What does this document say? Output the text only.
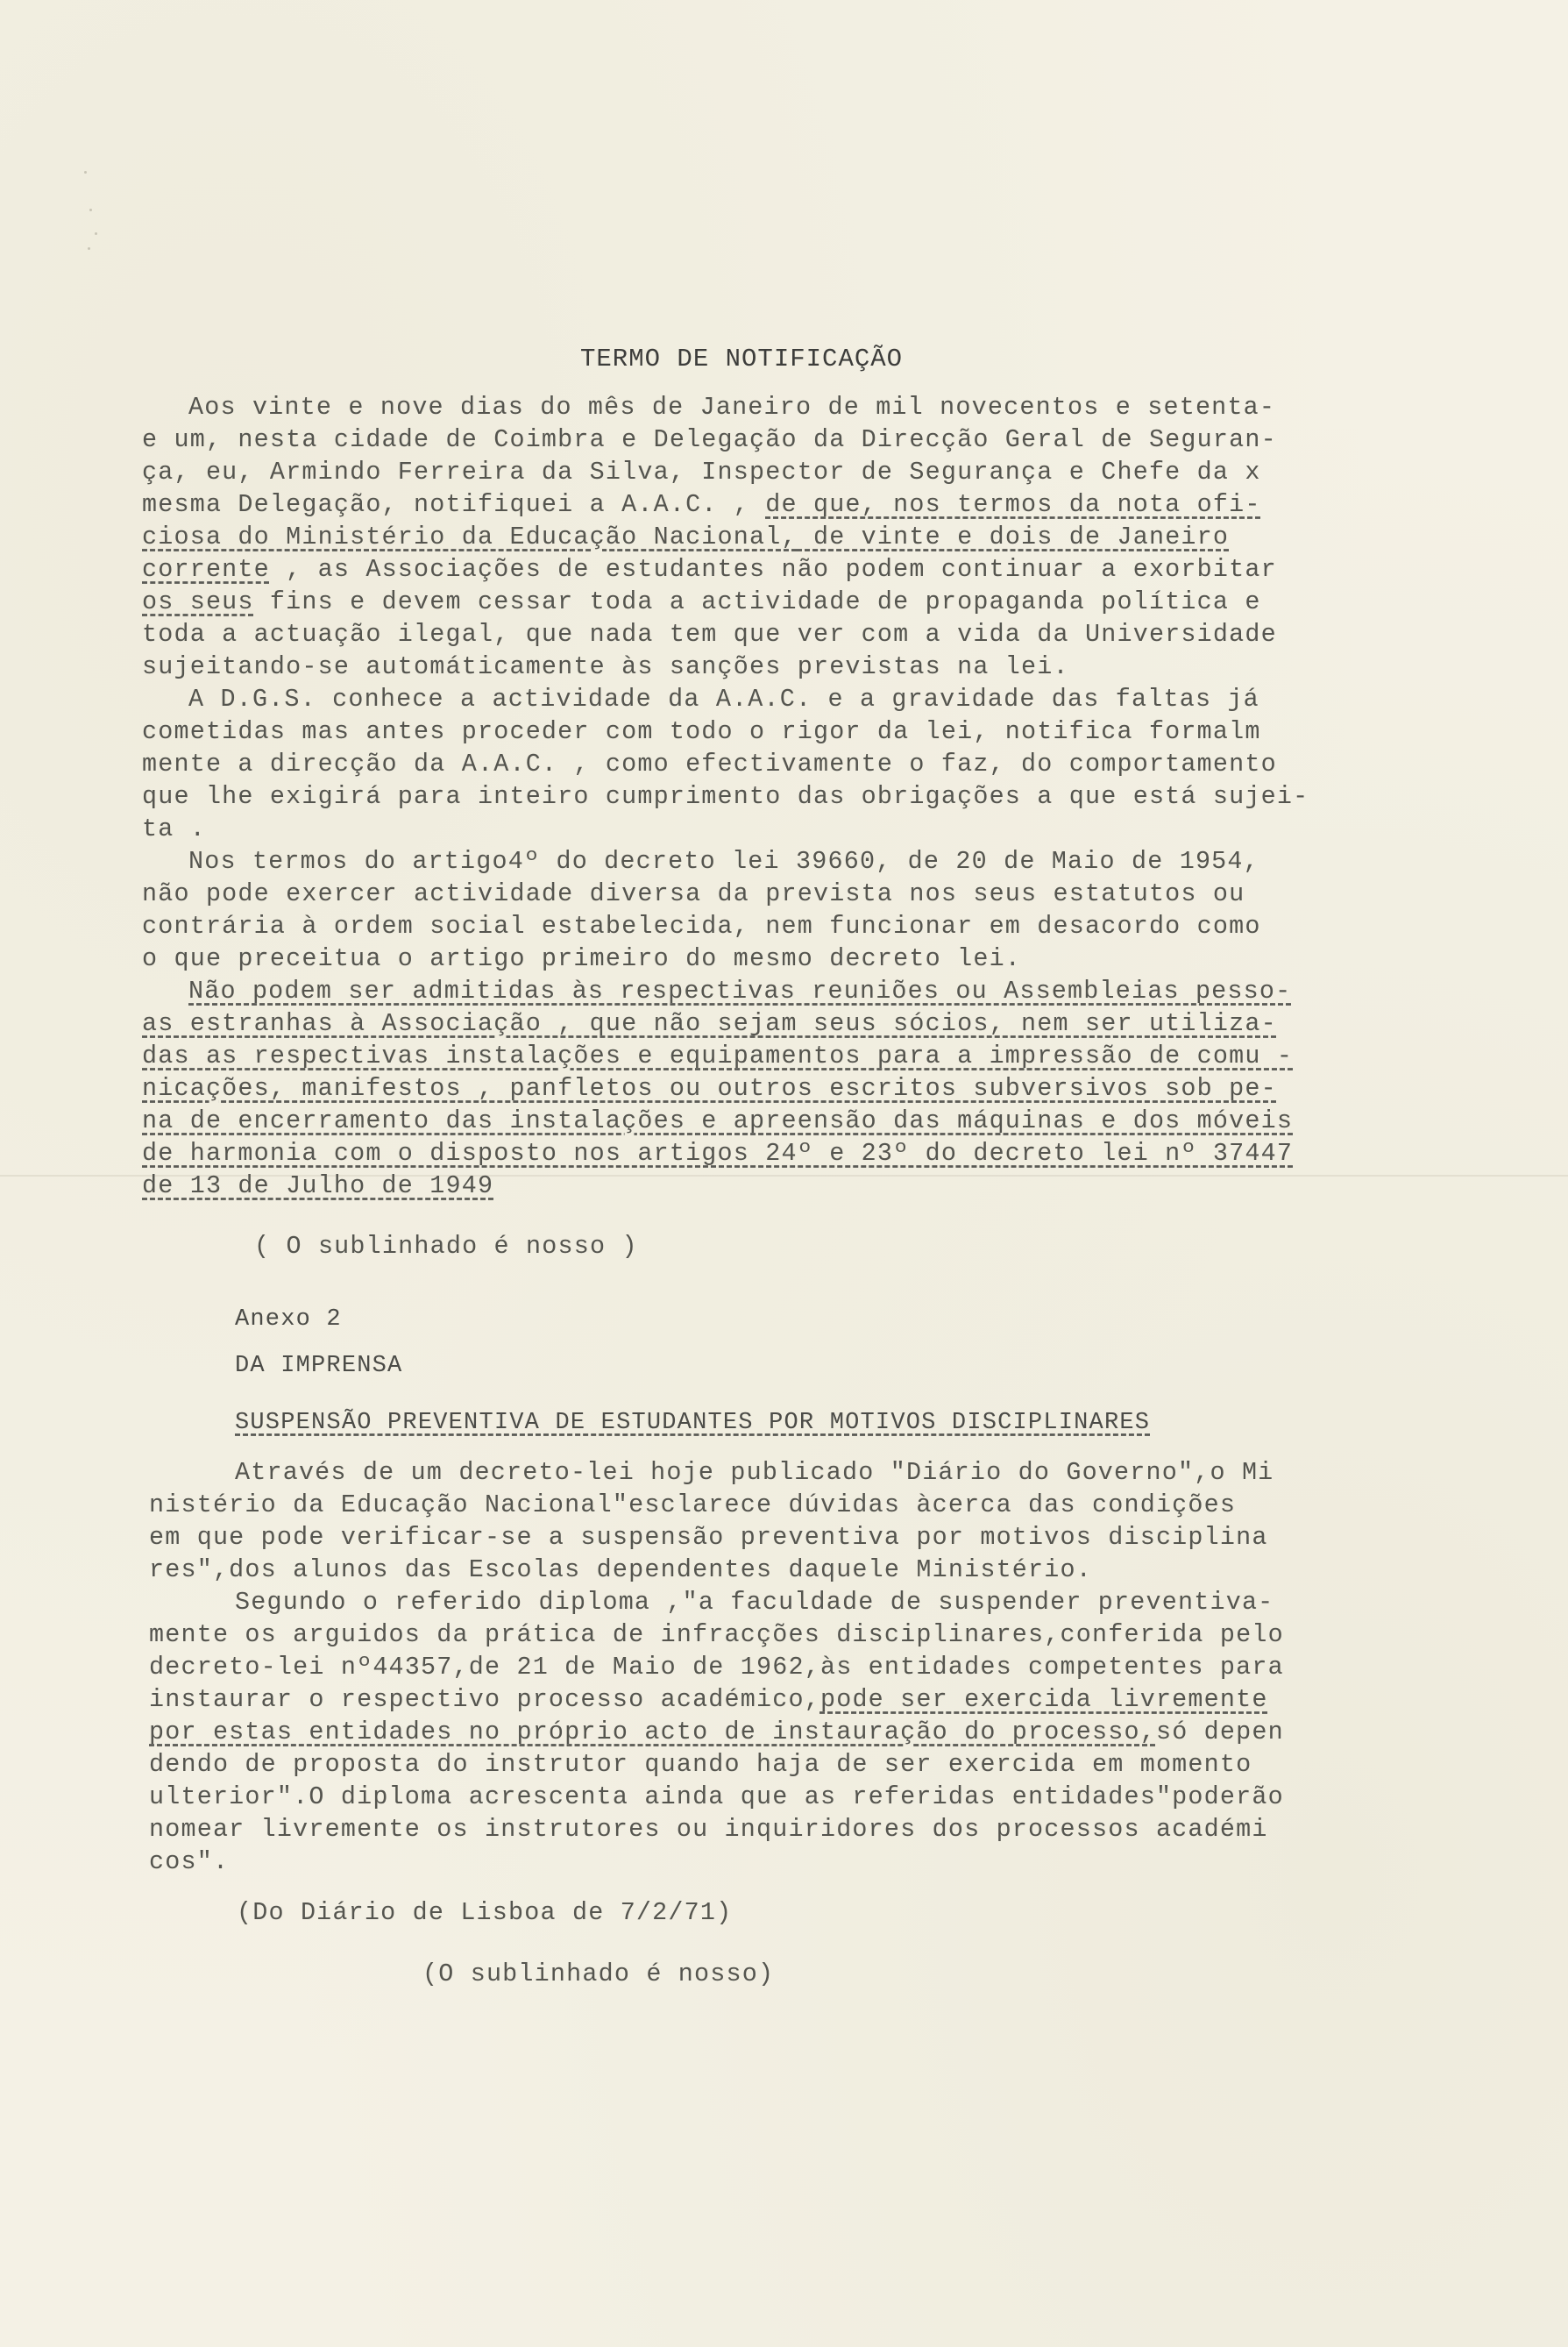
TERMO DE NOTIFICAÇÃO
Aos vinte e nove dias do mês de Janeiro de mil novecentos e setenta-
e um, nesta cidade de Coimbra e Delegação da Direcção Geral de Seguran-
ça, eu, Armindo Ferreira da Silva, Inspector de Segurança e Chefe da x
mesma Delegação, notifiquei a A.A.C. , de que, nos termos da nota ofi-
ciosa do Ministério da Educação Nacional, de vinte e dois de Janeiro
corrente , as Associações de estudantes não podem continuar a exorbitar
os seus fins e devem cessar toda a actividade de propaganda política e
toda a actuação ilegal, que nada tem que ver com a vida da Universidade
sujeitando-se automáticamente às sanções previstas na lei.
A D.G.S. conhece a actividade da A.A.C. e a gravidade das faltas já
cometidas mas antes proceder com todo o rigor da lei, notifica formalm
mente a direcção da A.A.C. , como efectivamente o faz, do comportamento
que lhe exigirá para inteiro cumprimento das obrigações a que está sujei-
ta .
Nos termos do artigo4º do decreto lei 39660, de 20 de Maio de 1954,
não pode exercer actividade diversa da prevista nos seus estatutos ou
contrária à ordem social estabelecida, nem funcionar em desacordo como
o que preceitua o artigo primeiro do mesmo decreto lei.
Não podem ser admitidas às respectivas reuniões ou Assembleias pesso-
as estranhas à Associação , que não sejam seus sócios, nem ser utiliza-
das as respectivas instalações e equipamentos para a impressão de comu -
nicações, manifestos , panfletos ou outros escritos subversivos sob pe-
na de encerramento das instalações e apreensão das máquinas e dos móveis
de harmonia com o disposto nos artigos 24º e 23º do decreto lei nº 37447
de 13 de Julho de 1949
( O sublinhado é nosso )
Anexo 2
DA IMPRENSA
SUSPENSÃO PREVENTIVA DE ESTUDANTES POR MOTIVOS DISCIPLINARES
Através de um decreto-lei hoje publicado "Diário do Governo",o Mi
nistério da Educação Nacional"esclarece dúvidas àcerca das condições
em que pode verificar-se a suspensão preventiva por motivos disciplina
res",dos alunos das Escolas dependentes daquele Ministério.
Segundo o referido diploma ,"a faculdade de suspender preventiva-
mente os arguidos da prática de infracções disciplinares,conferida pelo
decreto-lei nº44357,de 21 de Maio de 1962,às entidades competentes para
instaurar o respectivo processo académico,pode ser exercida livremente
por estas entidades no próprio acto de instauração do processo,só depen
dendo de proposta do instrutor quando haja de ser exercida em momento
ulterior".O diploma acrescenta ainda que as referidas entidades"poderão
nomear livremente os instrutores ou inquiridores dos processos académi
cos".
(Do Diário de Lisboa de 7/2/71)
(O sublinhado é nosso)
